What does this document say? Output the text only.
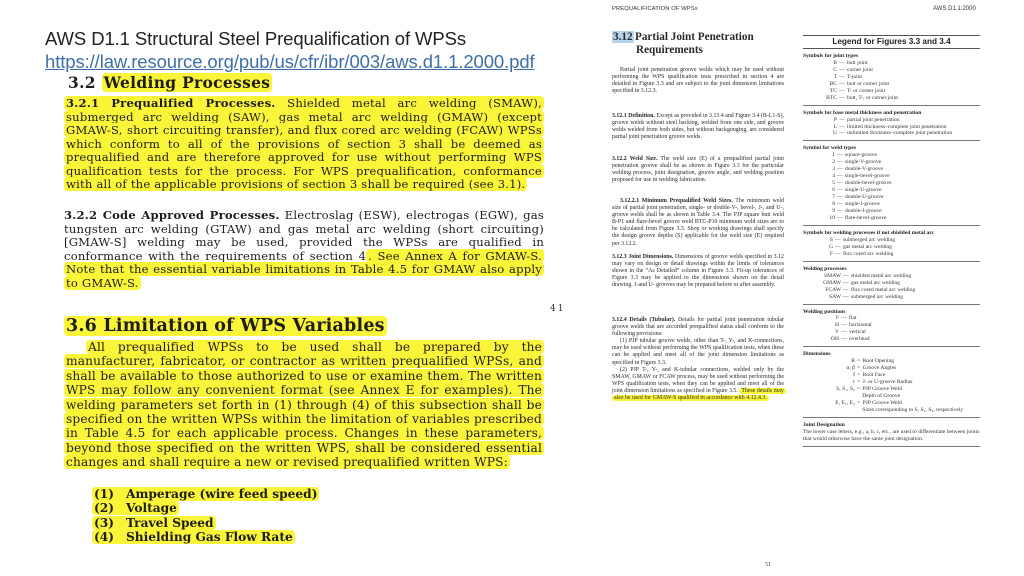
AWS D1.1 Structural Steel Prequalification of WPSs
https://law.resource.org/pub/us/cfr/ibr/003/aws.d1.1.2000.pdf
3.2 Welding Processes
3.2.1 Prequalified Processes. Shielded metal arc welding (SMAW), submerged arc welding (SAW), gas metal arc welding (GMAW) (except GMAW-S, short circuiting transfer), and flux cored arc welding (FCAW) WPSs which conform to all of the provisions of section 3 shall be deemed as prequalified and are therefore approved for use without performing WPS qualification tests for the process. For WPS prequalification, conformance with all of the applicable provisions of section 3 shall be required (see 3.1).
3.2.2 Code Approved Processes. Electroslag (ESW), electrogas (EGW), gas tungsten arc welding (GTAW) and gas metal arc welding (short circuiting) [GMAW-S] welding may be used, provided the WPSs are qualified in conformance with the requirements of section 4 . See Annex A for GMAW-S. Note that the essential variable limitations in Table 4.5 for GMAW also apply to GMAW-S.
41
3.6 Limitation of WPS Variables
All prequalified WPSs to be used shall be prepared by the manufacturer, fabricator, or contractor as written prequalified WPSs, and shall be available to those authorized to use or examine them. The written WPS may follow any convenient format (see Annex E for examples). The welding parameters set forth in (1) through (4) of this subsection shall be specified on the written WPSs within the limitation of variables prescribed in Table 4.5 for each applicable process. Changes in these parameters, beyond those specified on the written WPS, shall be considered essential changes and shall require a new or revised prequalified written WPS:
(1) Amperage (wire feed speed)
(2) Voltage
(3) Travel Speed
(4) Shielding Gas Flow Rate
PREQUALIFICATION OF WPSs	AWS D1.1:2000
3.12 Partial Joint Penetration
Requirements
Partial joint penetration groove welds which may be used without performing the WPS qualification tests prescribed in section 4 are detailed in Figure 3.3 and are subject to the joint dimension limitations specified in 3.12.3.
3.12.1 Definition. Except as provided in 3.13.4 and Figure 3.4 (B-L1-S), groove welds without steel backing, welded from one side, and groove welds welded from both sides, but without backgouging, are considered partial joint penetration groove welds.
3.12.2 Weld Size. The weld size (E) of a prequalified partial joint penetration groove shall be as shown in Figure 3.3 for the particular welding process, joint designation, groove angle, and welding position proposed for use in welding fabrication.
3.12.2.1 Minimum Prequalified Weld Sizes. The minimum weld size of partial joint penetration, single- or double-V-, bevel-, J-, and U-, groove welds shall be as shown in Table 3.4. The PJP square butt weld B-P1 and flare-bevel groove weld BTC-P10 minimum weld sizes are to be calculated from Figure 3.3. Shop or working drawings shall specify the design groove depths (S) applicable for the weld size (E) required per 3.12.2.
3.12.3 Joint Dimensions. Dimensions of groove welds specified in 3.12 may vary on design or detail drawings within the limits of tolerances shown in the “As Detailed” column in Figure 3.3. Fit-up tolerances of Figure 3.3 may be applied to the dimensions shown on the detail drawing. J-and U- grooves may be prepared before or after assembly.
3.12.4 Details (Tubular). Details for partial joint penetration tubular groove welds that are accorded prequalified status shall conform to the following provisions:
(1) PJP tubular groove welds, other than T-, Y-, and K-connections, may be used without performing the WPS qualification tests, when these can be applied and meet all of the joint dimension limitations as specified in Figure 3.3.
(2) PJP T-, Y-, and K-tubular connections, welded only by the SMAW, GMAW or FCAW process, may be used without performing the WPS qualification tests, when they can be applied and meet all of the joint dimension limitations as specified in Figure 3.5. These details may also be used for GMAW-S qualified in accordance with 4.12.4.3.
51
Legend for Figures 3.3 and 3.4
Symbols for joint types
B — butt joint
C — corner joint
T — T-joint
BC — butt or corner joint
TC — T- or corner joint
BTC — butt, T-, or corner joint
Symbols for base metal thickness and penetration
P — partial joint penetration
L — limited thickness–complete joint penetration
U — unlimited thickness–complete joint penetration
Symbol for weld types
1 — square-groove
2 — single-V-groove
3 — double-V-groove
4 — single-bevel-groove
5 — double-bevel-groove
6 — single-U-groove
7 — double-U-groove
8 — single-J-groove
9 — double-J-groove
10 — flare-bevel-groove
Symbols for welding processes if not shielded metal arc
S — submerged arc welding
G — gas metal arc welding
F — flux cored arc welding
Welding processes
SMAW — shielded metal arc welding
GMAW — gas metal arc welding
FCAW — flux cored metal arc welding
SAW — submerged arc welding
Welding positions
F — flat
H — horizontal
V — vertical
OH — overhead
Dimensions
R = Root Opening
α, β = Groove Angles
f = Root Face
r = J- or U-groove Radius
S, S₁, S₂ = PJP Groove Weld

Depth of Groove
E, E₁, E₂ = PJP Groove Weld

Sizes corresponding to S, S₁, S₂, respectively
Joint Designation
The lower case letters, e.g., a, b, c, etc., are used to differentiate between joints that would otherwise have the same joint designation.
